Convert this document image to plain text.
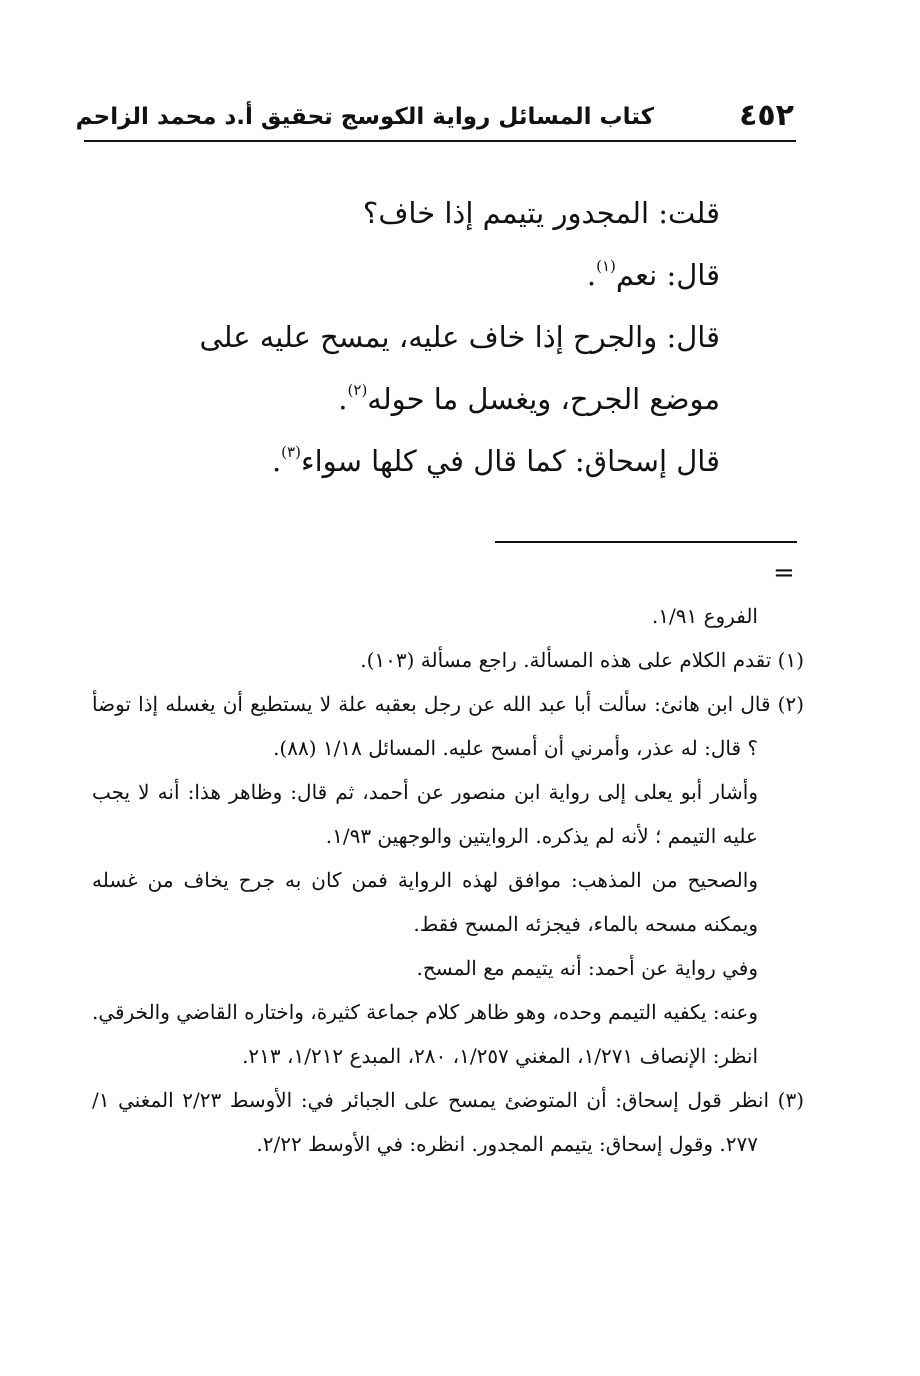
٤٥٢
كتاب المسائل رواية الكوسج تحقيق أ.د محمد الزاحم

قلت: المجدور يتيمم إذا خاف؟

قال: نعم$^{(١)}$.

قال: والجرح إذا خاف عليه، يمسح عليه على موضع الجرح، ويغسل ما حوله$^{(٢)}$.

قال إسحاق: كما قال في كلها سواء$^{(٣)}$.

=

الفروع ١/٩١.

(١) تقدم الكلام على هذه المسألة. راجع مسألة (١٠٣).

(٢) قال ابن هانئ: سألت أبا عبد الله عن رجل بعقبه علة لا يستطيع أن يغسله إذا توضأ ؟ قال: له عذر، وأمرني أن أمسح عليه. المسائل ١/١٨ (٨٨).

وأشار أبو يعلى إلى رواية ابن منصور عن أحمد، ثم قال: وظاهر هذا: أنه لا يجب عليه التيمم ؛ لأنه لم يذكره. الروايتين والوجهين ١/٩٣.

والصحيح من المذهب: موافق لهذه الرواية فمن كان به جرح يخاف من غسله ويمكنه مسحه بالماء، فيجزئه المسح فقط.

وفي رواية عن أحمد: أنه يتيمم مع المسح.

وعنه: يكفيه التيمم وحده، وهو ظاهر كلام جماعة كثيرة، واختاره القاضي والخرقي.

انظر: الإنصاف ١/٢٧١، المغني ١/٢٥٧، ٢٨٠، المبدع ١/٢١٢، ٢١٣.

(٣) انظر قول إسحاق: أن المتوضئ يمسح على الجبائر في: الأوسط ٢/٢٣ المغني ١/ ٢٧٧. وقول إسحاق: يتيمم المجدور. انظره: في الأوسط ٢/٢٢.
